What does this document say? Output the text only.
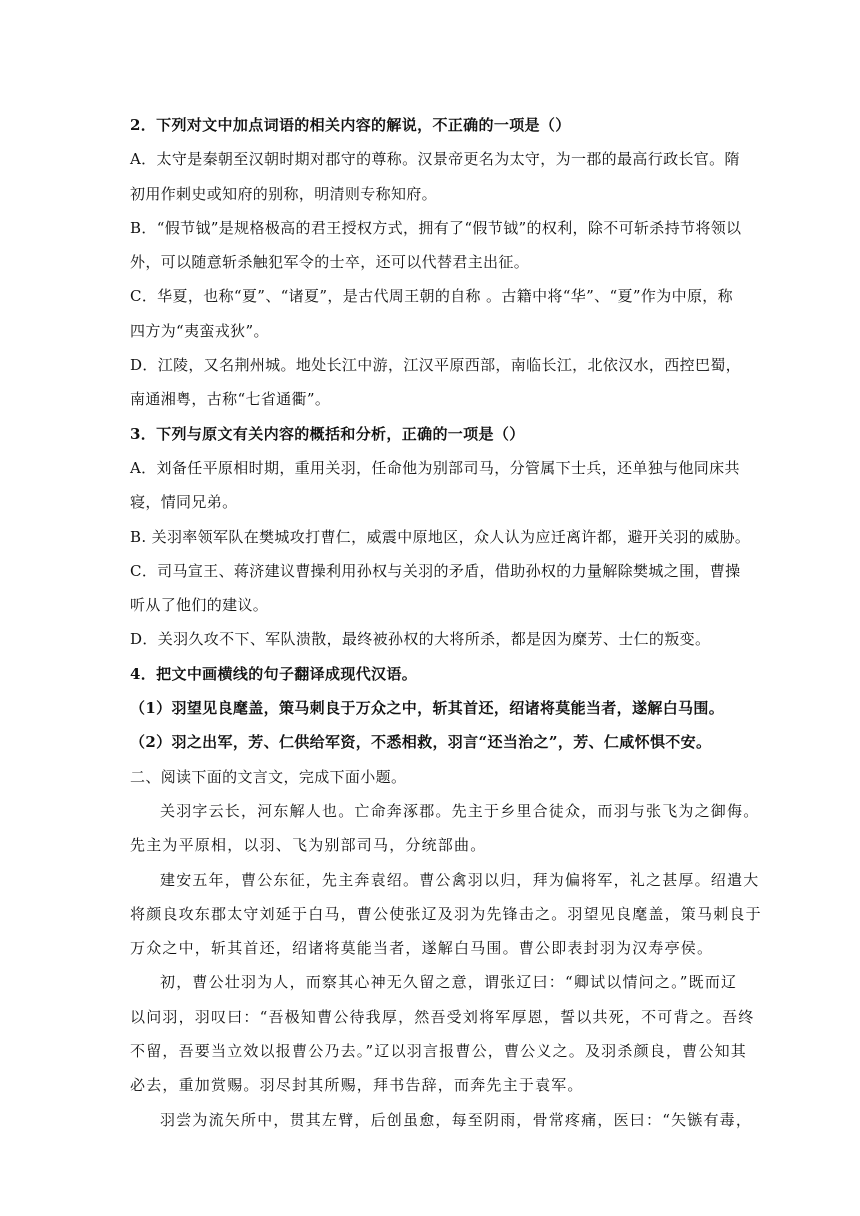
2．下列对文中加点词语的相关内容的解说，不正确的一项是（）
A．太守是秦朝至汉朝时期对郡守的尊称。汉景帝更名为太守，为一郡的最高行政长官。隋
初用作刺史或知府的别称，明清则专称知府。
B．“假节钺”是规格极高的君王授权方式，拥有了“假节钺”的权利，除不可斩杀持节将领以
外，可以随意斩杀触犯军令的士卒，还可以代替君主出征。
C．华夏，也称“夏”、“诸夏”，是古代周王朝的自称 。古籍中将“华”、“夏”作为中原，称
四方为“夷蛮戎狄”。
D．江陵，又名荆州城。地处长江中游，江汉平原西部，南临长江，北依汉水，西控巴蜀，
南通湘粤，古称“七省通衢”。
3．下列与原文有关内容的概括和分析，正确的一项是（）
A．刘备任平原相时期，重用关羽，任命他为别部司马，分管属下士兵，还单独与他同床共
寝，情同兄弟。
B. 关羽率领军队在樊城攻打曹仁，威震中原地区，众人认为应迁离许都，避开关羽的威胁。
C．司马宣王、蒋济建议曹操利用孙权与关羽的矛盾，借助孙权的力量解除樊城之围，曹操
听从了他们的建议。
D．关羽久攻不下、军队溃散，最终被孙权的大将所杀，都是因为糜芳、士仁的叛变。
4．把文中画横线的句子翻译成现代汉语。
（1）羽望见良麾盖，策马刺良于万众之中，斩其首还，绍诸将莫能当者，遂解白马围。
（2）羽之出军，芳、仁供给军资，不悉相救，羽言“还当治之”，芳、仁咸怀惧不安。
二、阅读下面的文言文，完成下面小题。
关羽字云长，河东解人也。亡命奔涿郡。先主于乡里合徒众，而羽与张飞为之御侮。
先主为平原相，以羽、飞为别部司马，分统部曲。
建安五年，曹公东征，先主奔袁绍。曹公禽羽以归，拜为偏将军，礼之甚厚。绍遣大
将颜良攻东郡太守刘延于白马，曹公使张辽及羽为先锋击之。羽望见良麾盖，策马刺良于
万众之中，斩其首还，绍诸将莫能当者，遂解白马围。曹公即表封羽为汉寿亭侯。
初，曹公壮羽为人，而察其心神无久留之意，谓张辽曰：“卿试以情问之。”既而辽
以问羽，羽叹曰：“吾极知曹公待我厚，然吾受刘将军厚恩，誓以共死，不可背之。吾终
不留，吾要当立效以报曹公乃去。”辽以羽言报曹公，曹公义之。及羽杀颜良，曹公知其
必去，重加赏赐。羽尽封其所赐，拜书告辞，而奔先主于袁军。
羽尝为流矢所中，贯其左臂，后创虽愈，每至阴雨，骨常疼痛，医曰：“矢镞有毒，
